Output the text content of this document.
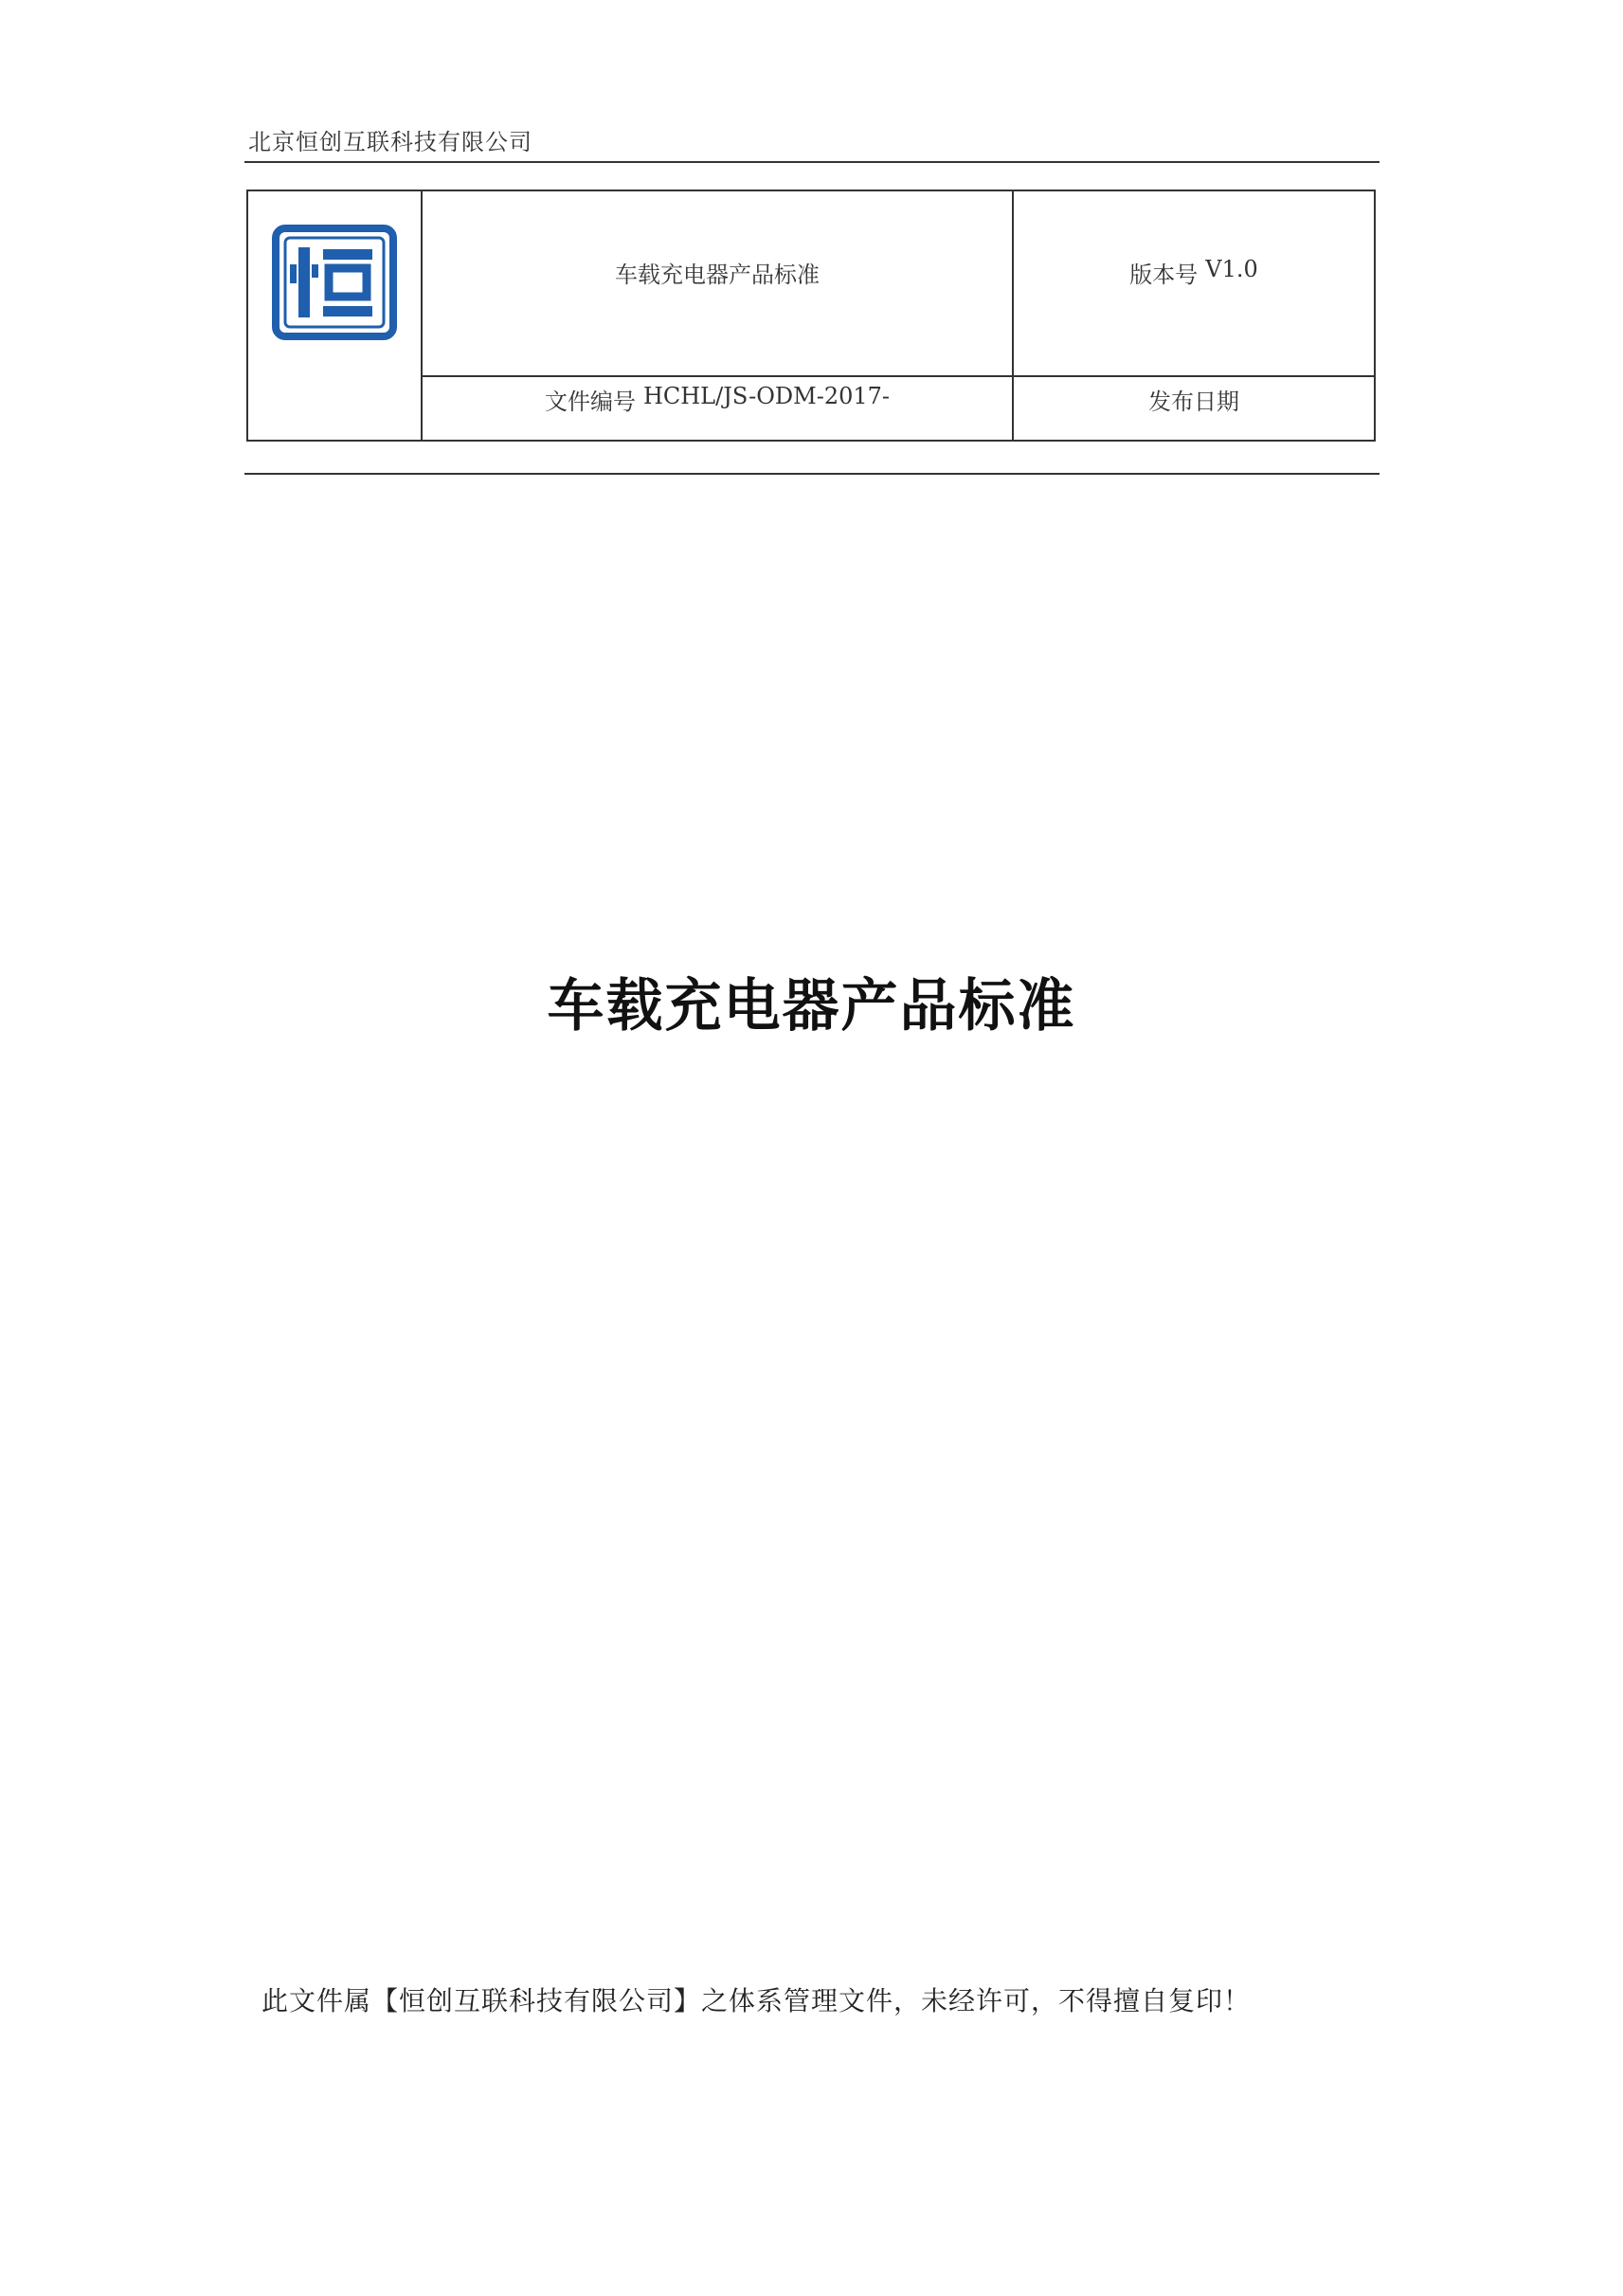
北京恒创互联科技有限公司
车载充电器产品标准	版本号 V1.0
文件编号 HCHL/JS-ODM-2017-	发布日期
车载充电器产品标准
此文件属【恒创互联科技有限公司】之体系管理文件，未经许可，不得擅自复印！
